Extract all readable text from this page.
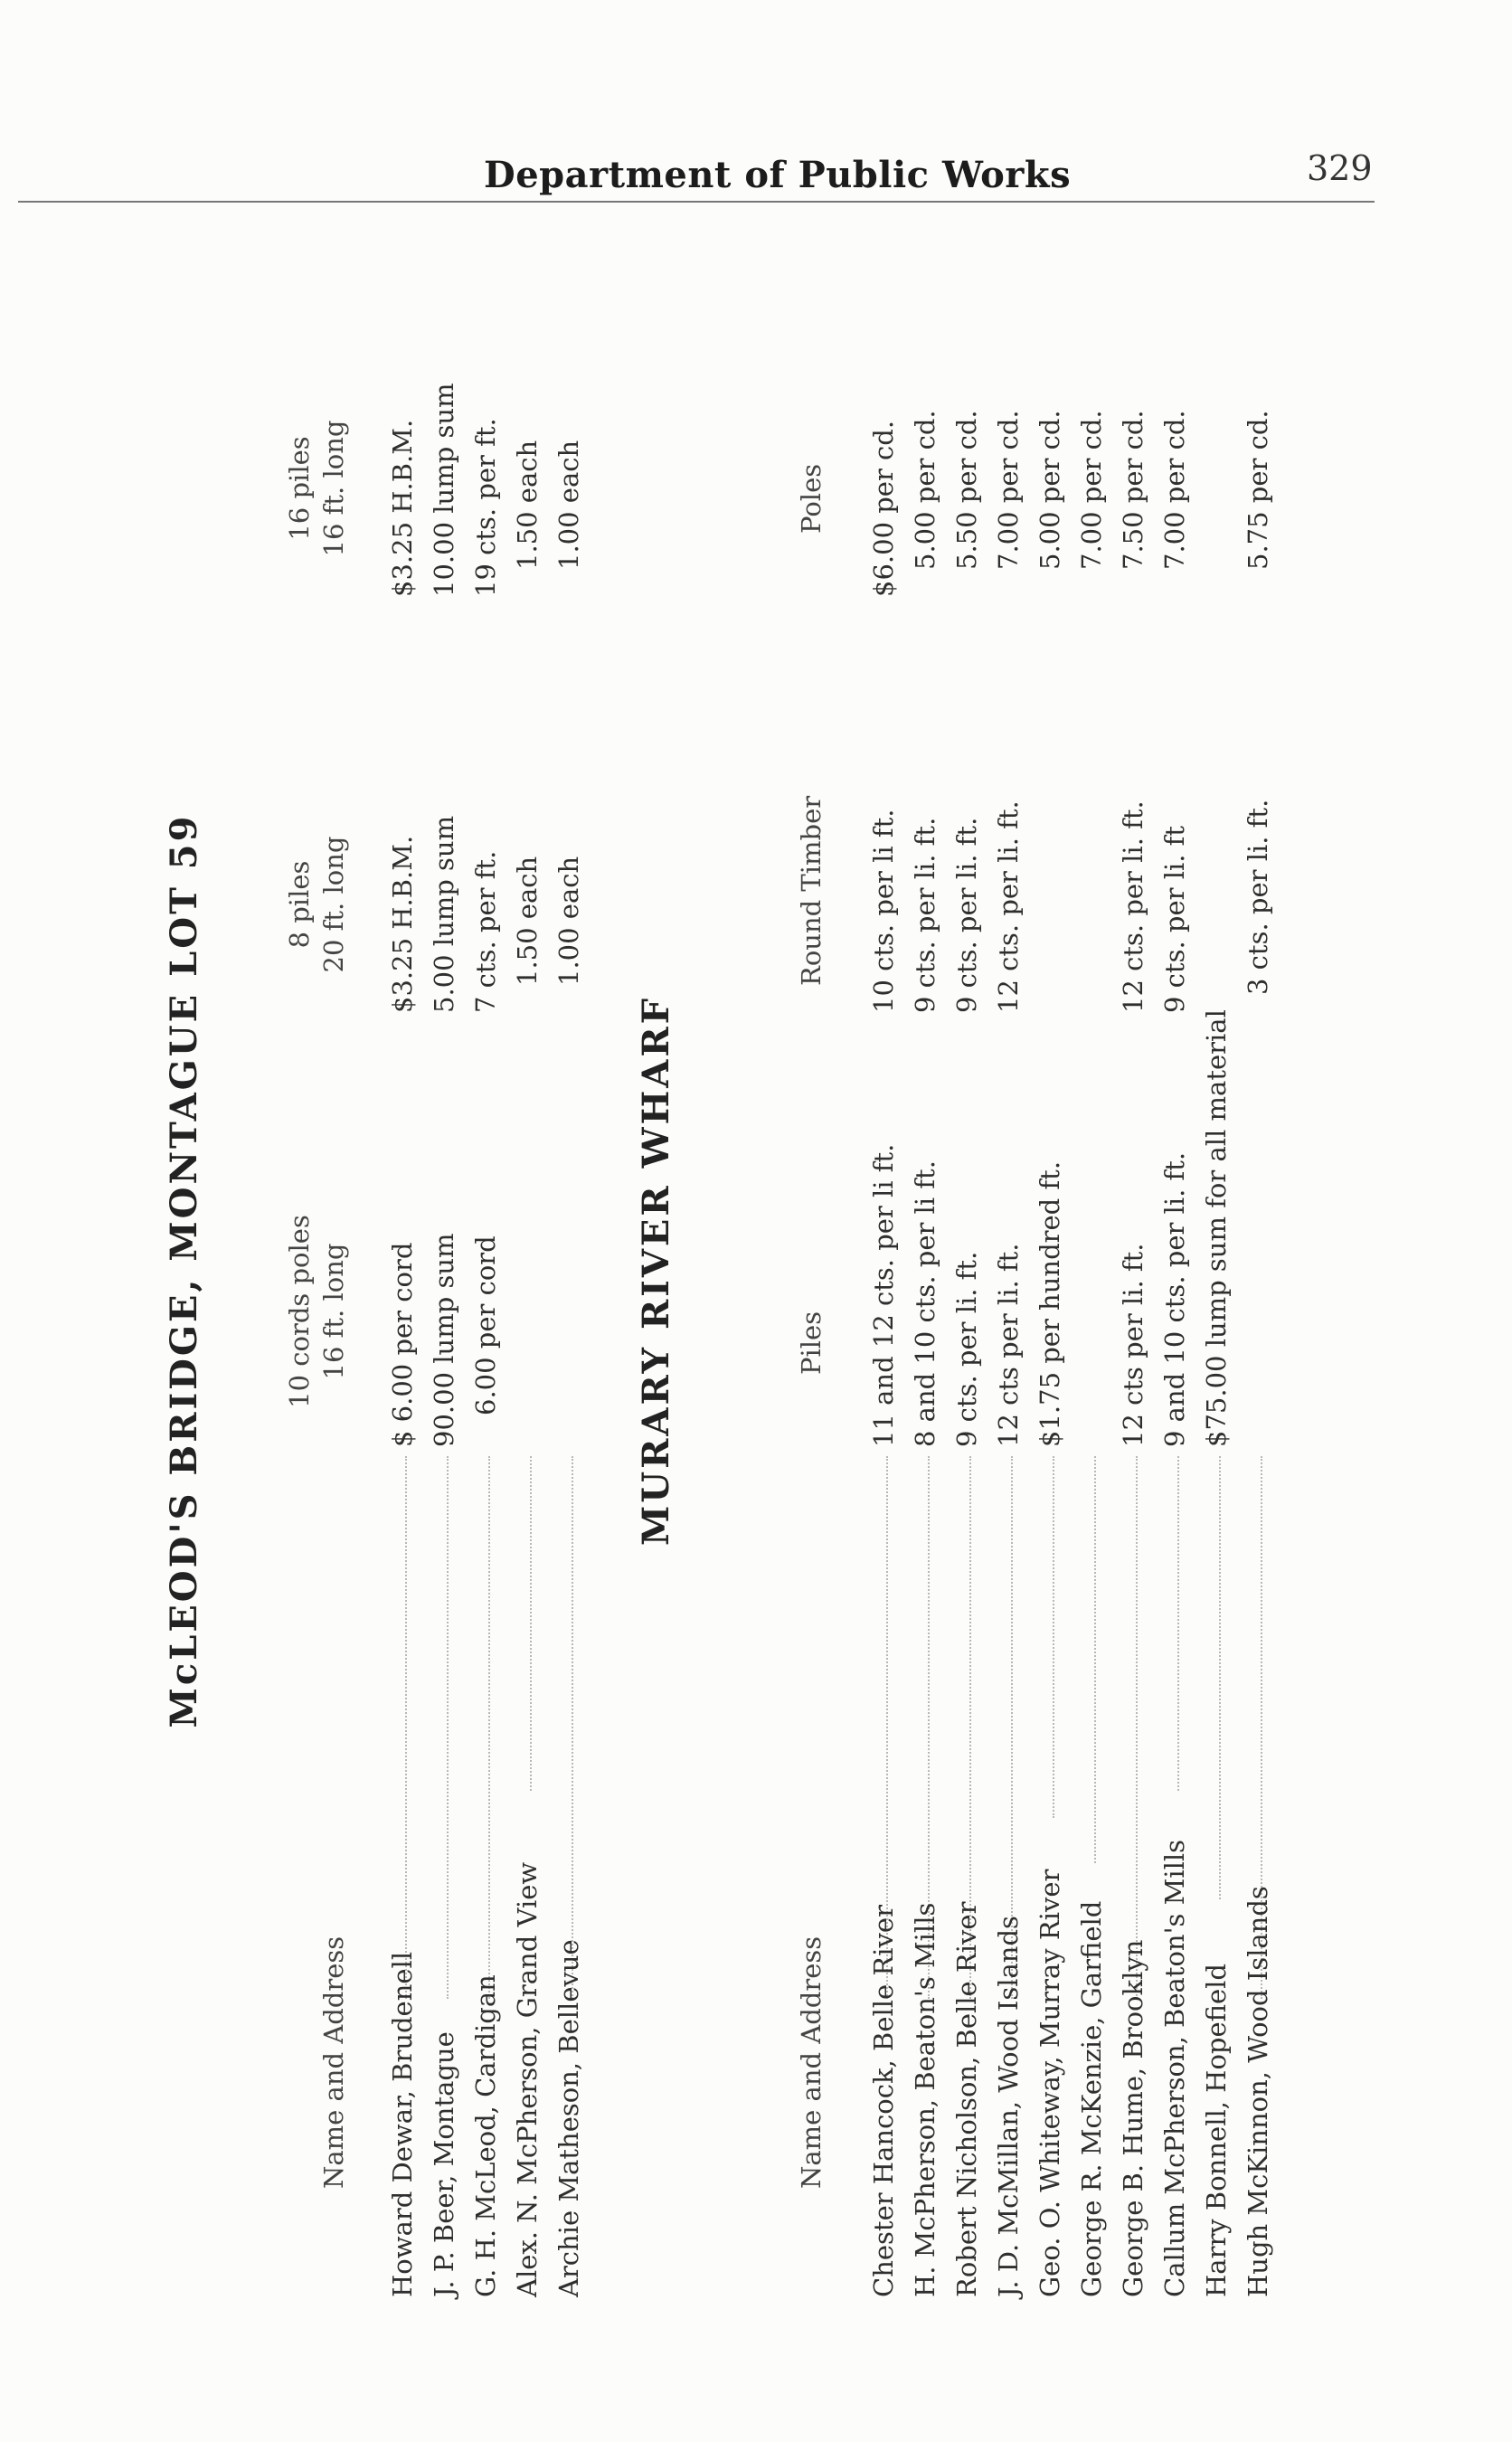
Department of Public Works	329
McLEOD'S BRIDGE, MONTAGUE LOT 59
Name and Address
10 cords poles 16 ft. long
8 piles 20 ft. long
16 piles 16 ft. long
Howard Dewar, Brudenell
$ 6.00 per cord
$3.25 H.B.M.
$3.25 H.B.M.
J. P. Beer, Montague
90.00 lump sum
5.00 lump sum
10.00 lump sum
G. H. McLeod, Cardigan
6.00 per cord
7 cts. per ft.
19 cts. per ft.
Alex. N. McPherson, Grand View
1.50 each
1.50 each
Archie Matheson, Bellevue
1.00 each
1.00 each
MURARY RIVER WHARF
Name and Address
Piles
Round Timber
Poles
Chester Hancock, Belle River
11 and 12 cts. per li ft.
10 cts. per li ft.
$6.00 per cd.
H. McPherson, Beaton's Mills
8 and 10 cts. per li ft.
9 cts. per li. ft.
5.00 per cd.
Robert Nicholson, Belle River
9 cts. per li. ft.
9 cts. per li. ft.
5.50 per cd.
J. D. McMillan, Wood Islands
12 cts per li. ft.
12 cts. per li. ft.
7.00 per cd.
Geo. O. Whiteway, Murray River
$1.75 per hundred ft.
5.00 per cd.
George R. McKenzie, Garfield
7.00 per cd.
George B. Hume, Brooklyn
12 cts per li. ft.
12 cts. per li. ft.
7.50 per cd.
Callum McPherson, Beaton's Mills
9 and 10 cts. per li. ft.
9 cts. per li. ft
7.00 per cd.
Harry Bonnell, Hopefield
$75.00 lump sum for all material
Hugh McKinnon, Wood Islands
3 cts. per li. ft.
5.75 per cd.
